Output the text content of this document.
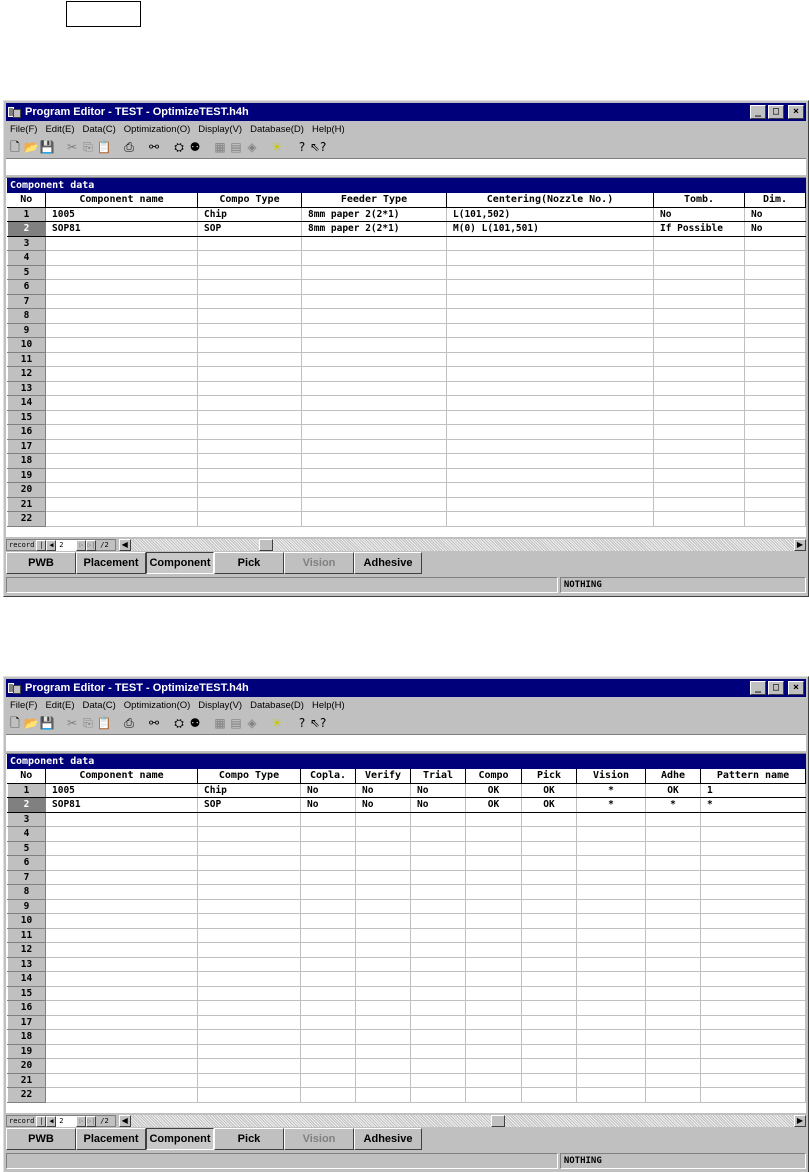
Program Editor - TEST - OptimizeTEST.h4h	_	□	×
File(F) Edit(E) Data(C) Optimization(O) Display(V) Database(D) Help(H)
🗋 📂 💾 ✂ ⎘ 📋 ⎙ ⚯ ⛭ ⚉ ▦ ▤ ◈ ☀	? ⇖?
Component data
No	Component name	Compo Type	Feeder Type	Centering(Nozzle No.)	Tomb.	Dim.
1	1005	Chip	8mm paper 2(2*1)	L(101,502)	No	No
2	SOP81	SOP	8mm paper 2(2*1)	M(0) L(101,501)	If Possible	No
3						
4						
5						
6						
7						
8						
9						
10						
11						
12						
13						
14						
15						
16						
17						
18						
19						
20						
21						
22						
record | ◀ 2	▷ ▷| /2	◀	▶
PWB	Placement Component	Pick	Vision	Adhesive
NOTHING
Program Editor - TEST - OptimizeTEST.h4h	_	□	×
File(F) Edit(E) Data(C) Optimization(O) Display(V) Database(D) Help(H)
🗋 📂 💾 ✂ ⎘ 📋 ⎙ ⚯ ⛭ ⚉ ▦ ▤ ◈ ☀	? ⇖?
Component data
No	Component name	Compo Type	Copla.	Verify	Trial	Compo	Pick	Vision	Adhe	Pattern name
1	1005	Chip	No	No	No	OK	OK	*	OK	1
2	SOP81	SOP	No	No	No	OK	OK	*	*	*
3										
4										
5										
6										
7										
8										
9										
10										
11										
12										
13										
14										
15										
16										
17										
18										
19										
20										
21										
22										
record | ◀ 2	▷ ▷| /2	◀	▶
PWB	Placement Component	Pick	Vision	Adhesive
NOTHING
